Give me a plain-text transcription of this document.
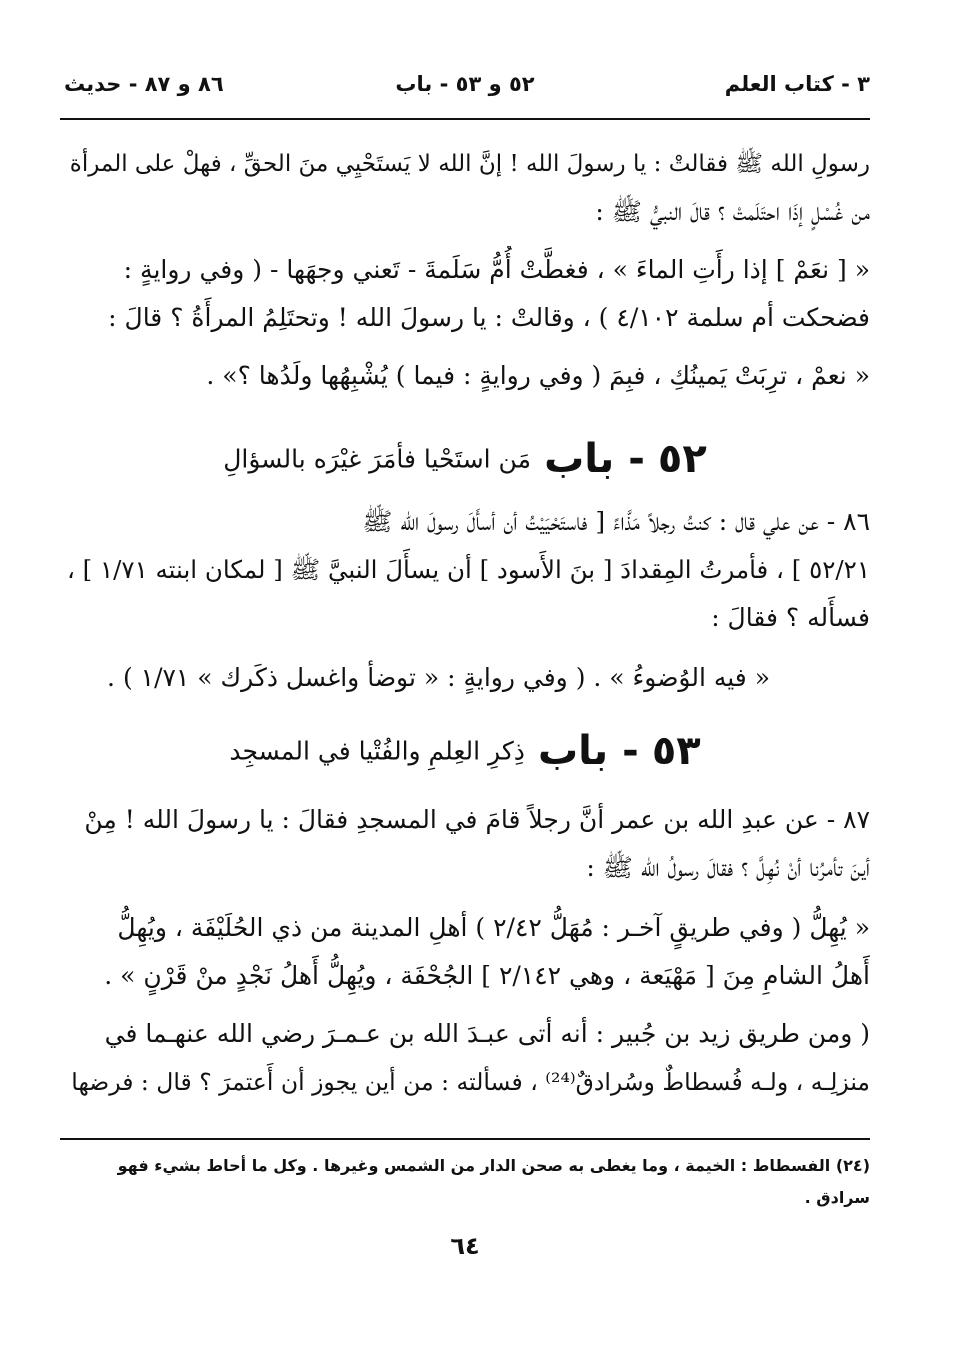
٣ - كتاب العلم
٥٢ و ٥٣ - باب
٨٦ و ٨٧ - حديث
رسولِ الله ﷺ فقالتْ : يا رسولَ الله ! إنَّ الله لا يَستَحْيِي منَ الحقِّ ، فهلْ على المرأة
من غُسْلٍ إذَا احتَلَمتْ ؟ قالَ النبيُّ ﷺ :
« [ نعَمْ ] إذا رأَتِ الماءَ » ، فغطَّتْ أُمُّ سَلَمةَ - تَعني وجهَها - ( وفي روايةٍ :
فضحكت أم سلمة ٤/١٠٢ ) ، وقالتْ : يا رسولَ الله ! وتحتَلِمُ المرأَةُ ؟ قالَ :
« نعمْ ، ترِبَتْ يَمينُكِ ، فبِمَ ( وفي روايةٍ : فيما ) يُشْبِهُها ولَدُها ؟» .
٥٢ - باب مَن استَحْيا فأمَرَ غيْرَه بالسؤالِ
٨٦ - عن علي قال : كنتُ رجلاً مَذَّاءً [ فاستَحْيَيْتُ أن أسأَلَ رسولَ الله ﷺ
٥٢/٢١ ] ، فأمرتُ المِقدادَ [ بنَ الأَسود ] أن يسأَلَ النبيَّ ﷺ [ لمكان ابنته ١/٧١ ] ،
فسأَله ؟ فقالَ :
« فيه الوُضوءُ » . ( وفي روايةٍ : « توضأ واغسل ذكَرك » ١/٧١ ) .
٥٣ - باب ذِكرِ العِلمِ والفُتْيا في المسجِد
٨٧ - عن عبدِ الله بن عمر أنَّ رجلاً قامَ في المسجدِ فقالَ : يا رسولَ الله ! مِنْ
أينَ تأمرُنا أنْ نُهِلَّ ؟ فقالَ رسولُ الله ﷺ :
« يُهِلُّ ( وفي طريقٍ آخـر : مُهَلُّ ٢/٤٢ ) أهلِ المدينة من ذي الحُلَيْفَة ، ويُهِلُّ
أَهلُ الشامِ مِنَ [ مَهْيَعة ، وهي ٢/١٤٢ ] الجُحْفَة ، ويُهِلُّ أَهلُ نَجْدٍ منْ قَرْنٍ » .
( ومن طريق زيد بن جُبير : أنه أتى عبـدَ الله بن عـمـرَ رضي الله عنهـما في
منزلِـه ، ولـه فُسطاطٌ وسُرادقٌ⁽²⁴⁾ ، فسألته : من أين يجوز أن أَعتمرَ ؟ قال : فرضها
(٢٤) الفسطاط : الخيمة ، وما يغطى به صحن الدار من الشمس وغيرها . وكل ما أحاط بشيء فهو
سرادق .
٦٤
